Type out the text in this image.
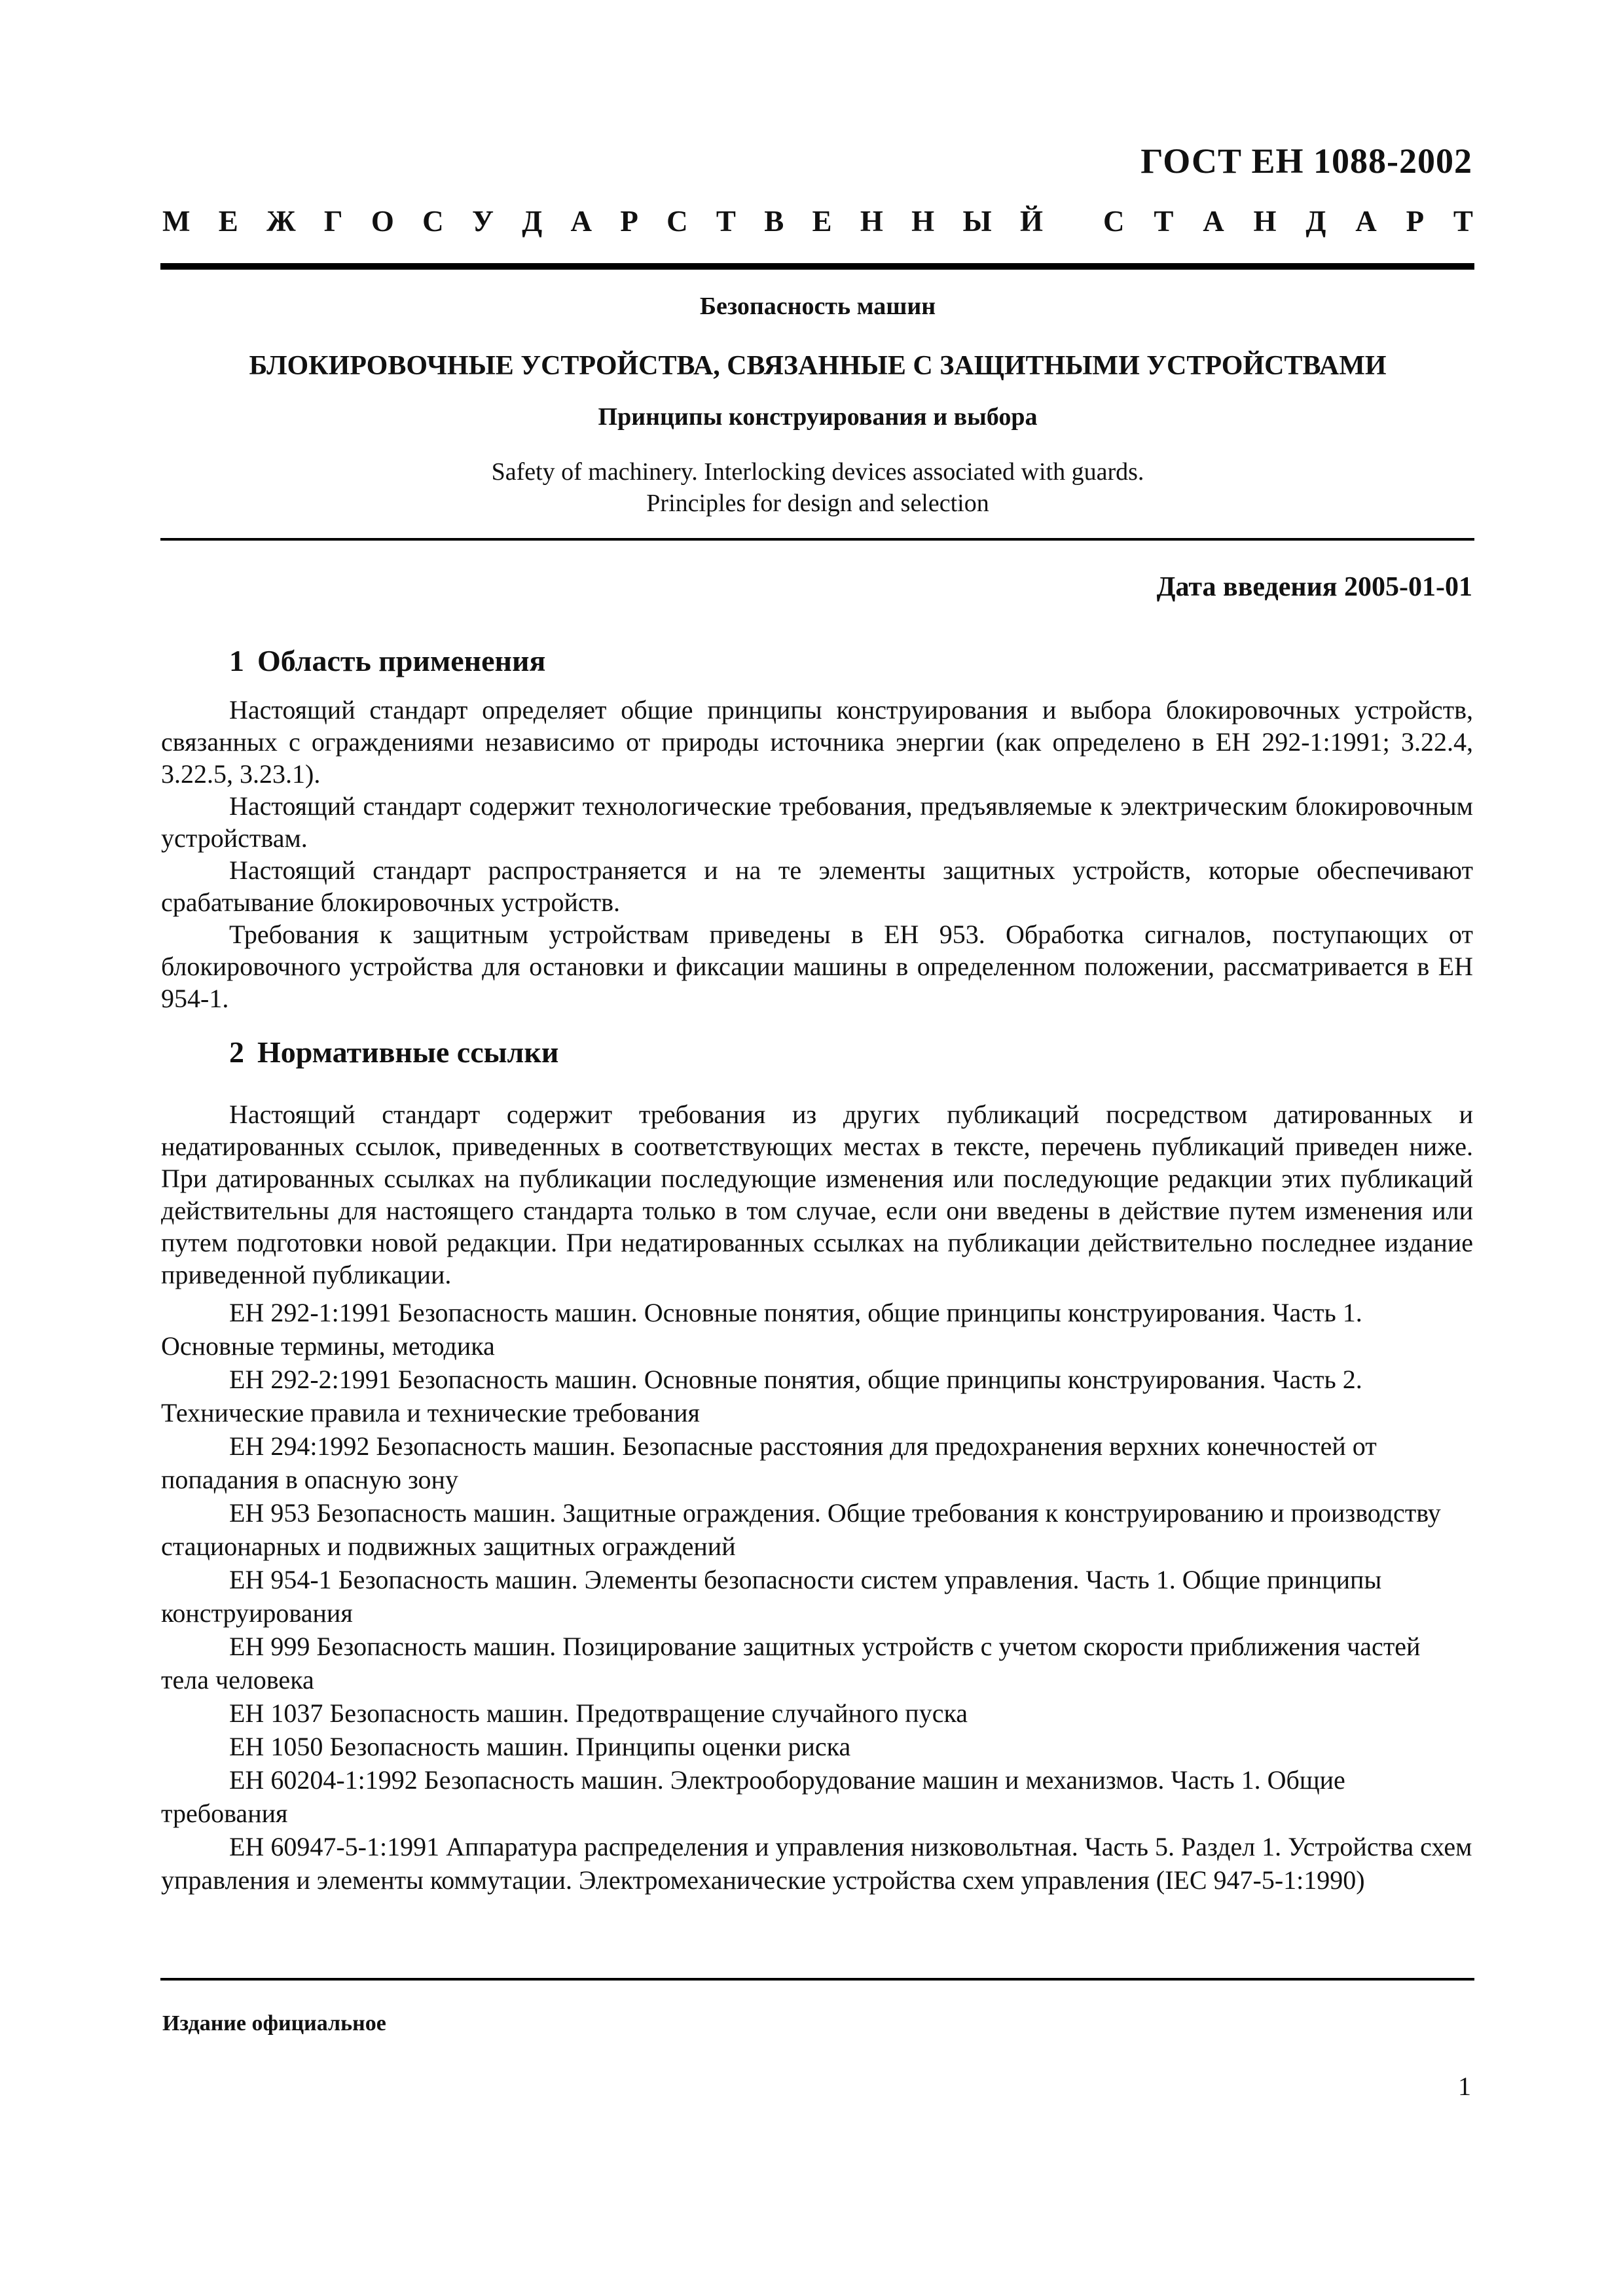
ГОСТ ЕН 1088-2002
М Е Ж Г О С У Д А Р С Т В Е Н Н Ы Й С Т А Н Д А Р Т
Безопасность машин
БЛОКИРОВОЧНЫЕ УСТРОЙСТВА, СВЯЗАННЫЕ С ЗАЩИТНЫМИ УСТРОЙСТВАМИ
Принципы конструирования и выбора
Safety of machinery. Interlocking devices associated with guards.
Principles for design and selection
Дата введения 2005-01-01
1 Область применения

Настоящий стандарт определяет общие принципы конструирования и выбора блокировочных устройств, связанных с ограждениями независимо от природы источника энергии (как определено в ЕН 292-1:1991; 3.22.4, 3.22.5, 3.23.1).

Настоящий стандарт содержит технологические требования, предъявляемые к электрическим блокировочным устройствам.

Настоящий стандарт распространяется и на те элементы защитных устройств, которые обеспечивают срабатывание блокировочных устройств.

Требования к защитным устройствам приведены в ЕН 953. Обработка сигналов, поступающих от блокировочного устройства для остановки и фиксации машины в определенном положении, рассматривается в ЕН 954-1.

2 Нормативные ссылки

Настоящий стандарт содержит требования из других публикаций посредством датированных и недатированных ссылок, приведенных в соответствующих местах в тексте, перечень публикаций приведен ниже. При датированных ссылках на публикации последующие изменения или последующие редакции этих публикаций действительны для настоящего стандарта только в том случае, если они введены в действие путем изменения или путем подготовки новой редакции. При недатированных ссылках на публикации действительно последнее издание приведенной публикации.

ЕН 292-1:1991 Безопасность машин. Основные понятия, общие принципы конструирования. Часть 1. Основные термины, методика

ЕН 292-2:1991 Безопасность машин. Основные понятия, общие принципы конструирования. Часть 2. Технические правила и технические требования

ЕН 294:1992 Безопасность машин. Безопасные расстояния для предохранения верхних конечностей от попадания в опасную зону

ЕН 953 Безопасность машин. Защитные ограждения. Общие требования к конструированию и производству стационарных и подвижных защитных ограждений

ЕН 954-1 Безопасность машин. Элементы безопасности систем управления. Часть 1. Общие принципы конструирования

ЕН 999 Безопасность машин. Позицирование защитных устройств с учетом скорости приближения частей тела человека

ЕН 1037 Безопасность машин. Предотвращение случайного пуска

ЕН 1050 Безопасность машин. Принципы оценки риска

ЕН 60204-1:1992 Безопасность машин. Электрооборудование машин и механизмов. Часть 1. Общие требования

ЕН 60947-5-1:1991 Аппаратура распределения и управления низковольтная. Часть 5. Раздел 1. Устройства схем управления и элементы коммутации. Электромеханические устройства схем управления (IEC 947-5-1:1990)

Издание официальное
1
